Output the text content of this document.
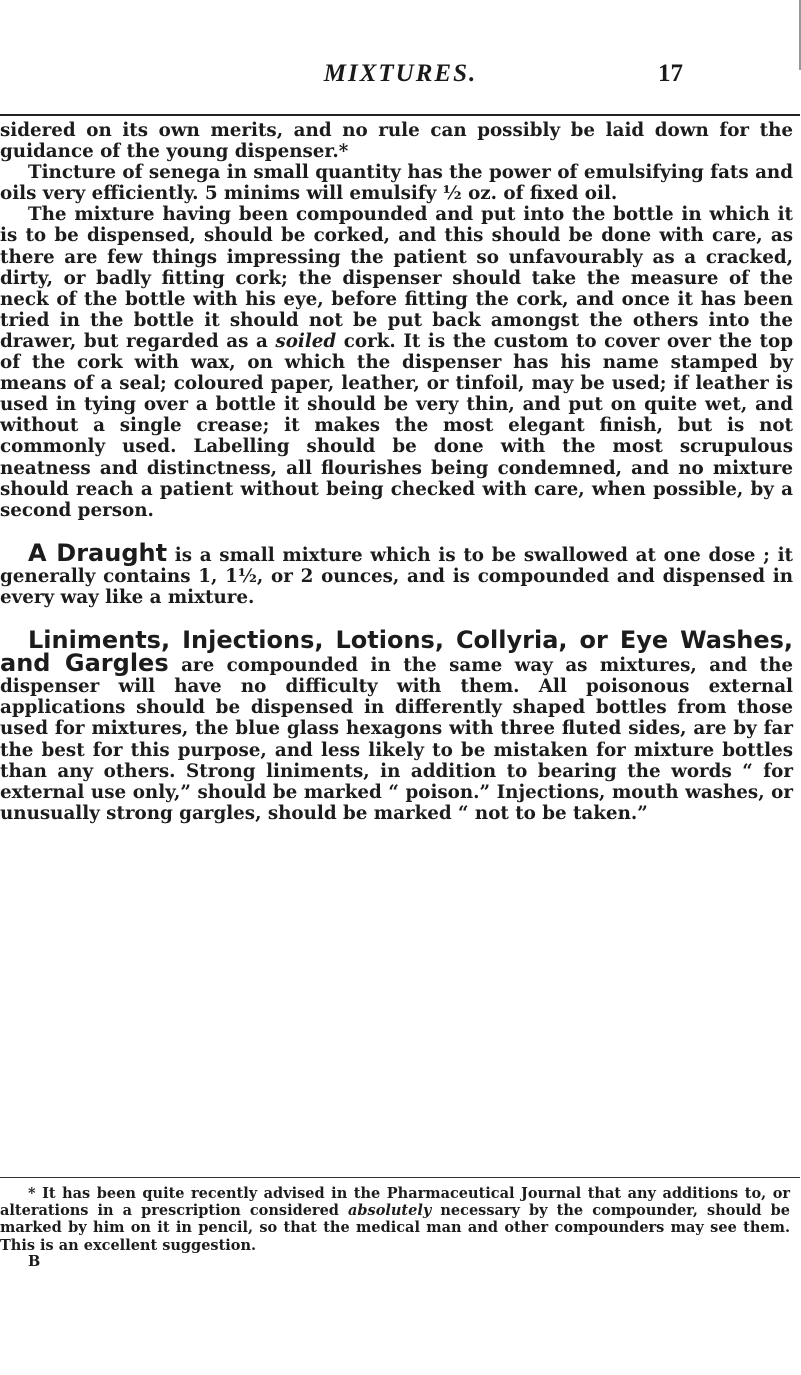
MIXTURES.	17

sidered on its own merits, and no rule can possibly be laid down for the guidance of the young dispenser.*

Tincture of senega in small quantity has the power of emulsifying fats and oils very efficiently. 5 minims will emulsify ½ oz. of fixed oil.

The mixture having been compounded and put into the bottle in which it is to be dispensed, should be corked, and this should be done with care, as there are few things impressing the patient so unfavourably as a cracked, dirty, or badly fitting cork; the dispenser should take the measure of the neck of the bottle with his eye, before fitting the cork, and once it has been tried in the bottle it should not be put back amongst the others into the drawer, but regarded as a soiled cork. It is the custom to cover over the top of the cork with wax, on which the dispenser has his name stamped by means of a seal; coloured paper, leather, or tinfoil, may be used; if leather is used in tying over a bottle it should be very thin, and put on quite wet, and without a single crease; it makes the most elegant finish, but is not commonly used. Labelling should be done with the most scrupulous neatness and distinctness, all flourishes being condemned, and no mixture should reach a patient without being checked with care, when possible, by a second person.

A Draught is a small mixture which is to be swallowed at one dose ; it generally contains 1, 1½, or 2 ounces, and is compounded and dispensed in every way like a mixture.

Liniments, Injections, Lotions, Collyria, or Eye Washes, and Gargles are compounded in the same way as mixtures, and the dispenser will have no difficulty with them. All poisonous external applications should be dispensed in differently shaped bottles from those used for mixtures, the blue glass hexagons with three fluted sides, are by far the best for this purpose, and less likely to be mistaken for mixture bottles than any others. Strong liniments, in addition to bearing the words “ for external use only,” should be marked “ poison.” Injections, mouth washes, or unusually strong gargles, should be marked “ not to be taken.”

* It has been quite recently advised in the Pharmaceutical Journal that any additions to, or alterations in a prescription considered absolutely necessary by the compounder, should be marked by him on it in pencil, so that the medical man and other compounders may see them. This is an excellent suggestion.

B
